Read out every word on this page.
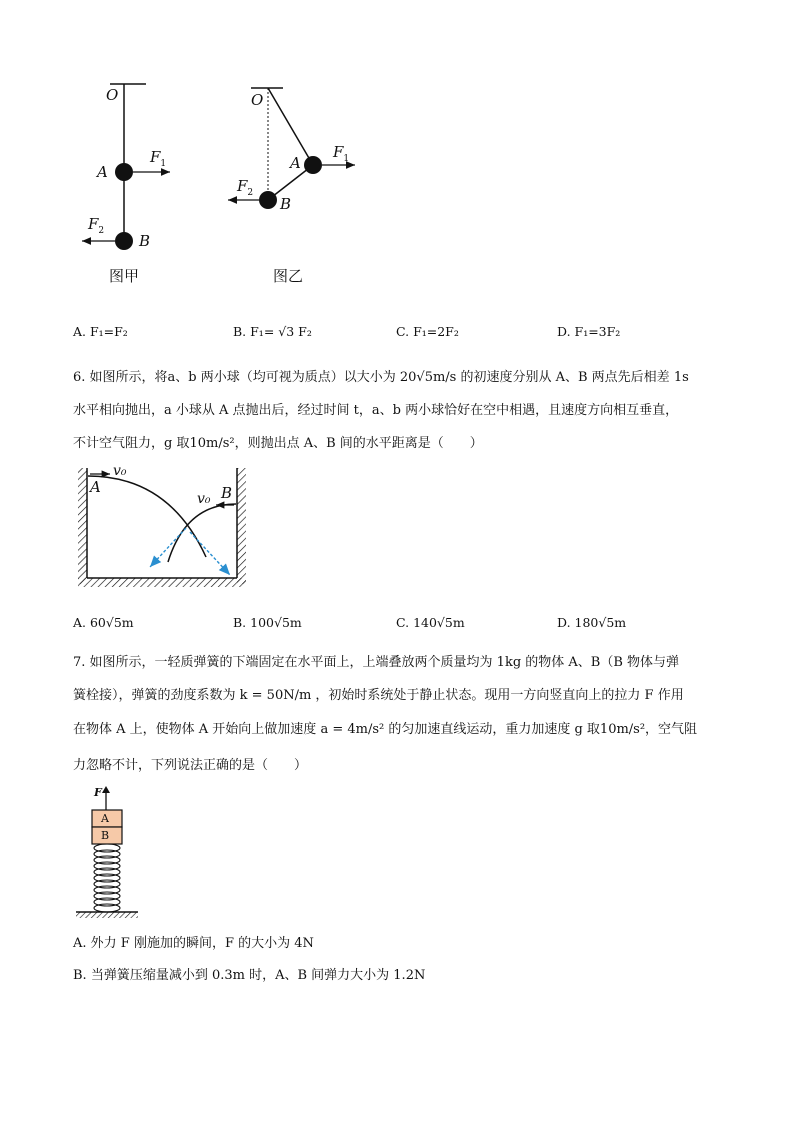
O
A
B
$F_1$
$F_2$
图甲
O
A
B
$F_1$
$F_2$
图乙
A. F₁=F₂	B. F₁= √3 F₂	C. F₁=2F₂	D. F₁=3F₂
6. 如图所示，将a、b 两小球（均可视为质点）以大小为 20√5m/s 的初速度分别从 A、B 两点先后相差 1s
水平相向抛出，a 小球从 A 点抛出后，经过时间 t，a、b 两小球恰好在空中相遇，且速度方向相互垂直，
不计空气阻力，g 取10m/s²，则抛出点 A、B 间的水平距离是（　　）
A	B
v₀
v₀
A. 60√5m	B. 100√5m	C. 140√5m	D. 180√5m
7. 如图所示，一轻质弹簧的下端固定在水平面上，上端叠放两个质量均为 1kg 的物体 A、B（B 物体与弹
簧栓接），弹簧的劲度系数为 k = 50N/m ，初始时系统处于静止状态。现用一方向竖直向上的拉力 F 作用
在物体 A 上，使物体 A 开始向上做加速度 a = 4m/s² 的匀加速直线运动，重力加速度 g 取10m/s²，空气阻
力忽略不计，下列说法正确的是（　　）
F
A
B
A. 外力 F 刚施加的瞬间，F 的大小为 4N
B. 当弹簧压缩量减小到 0.3m 时，A、B 间弹力大小为 1.2N
